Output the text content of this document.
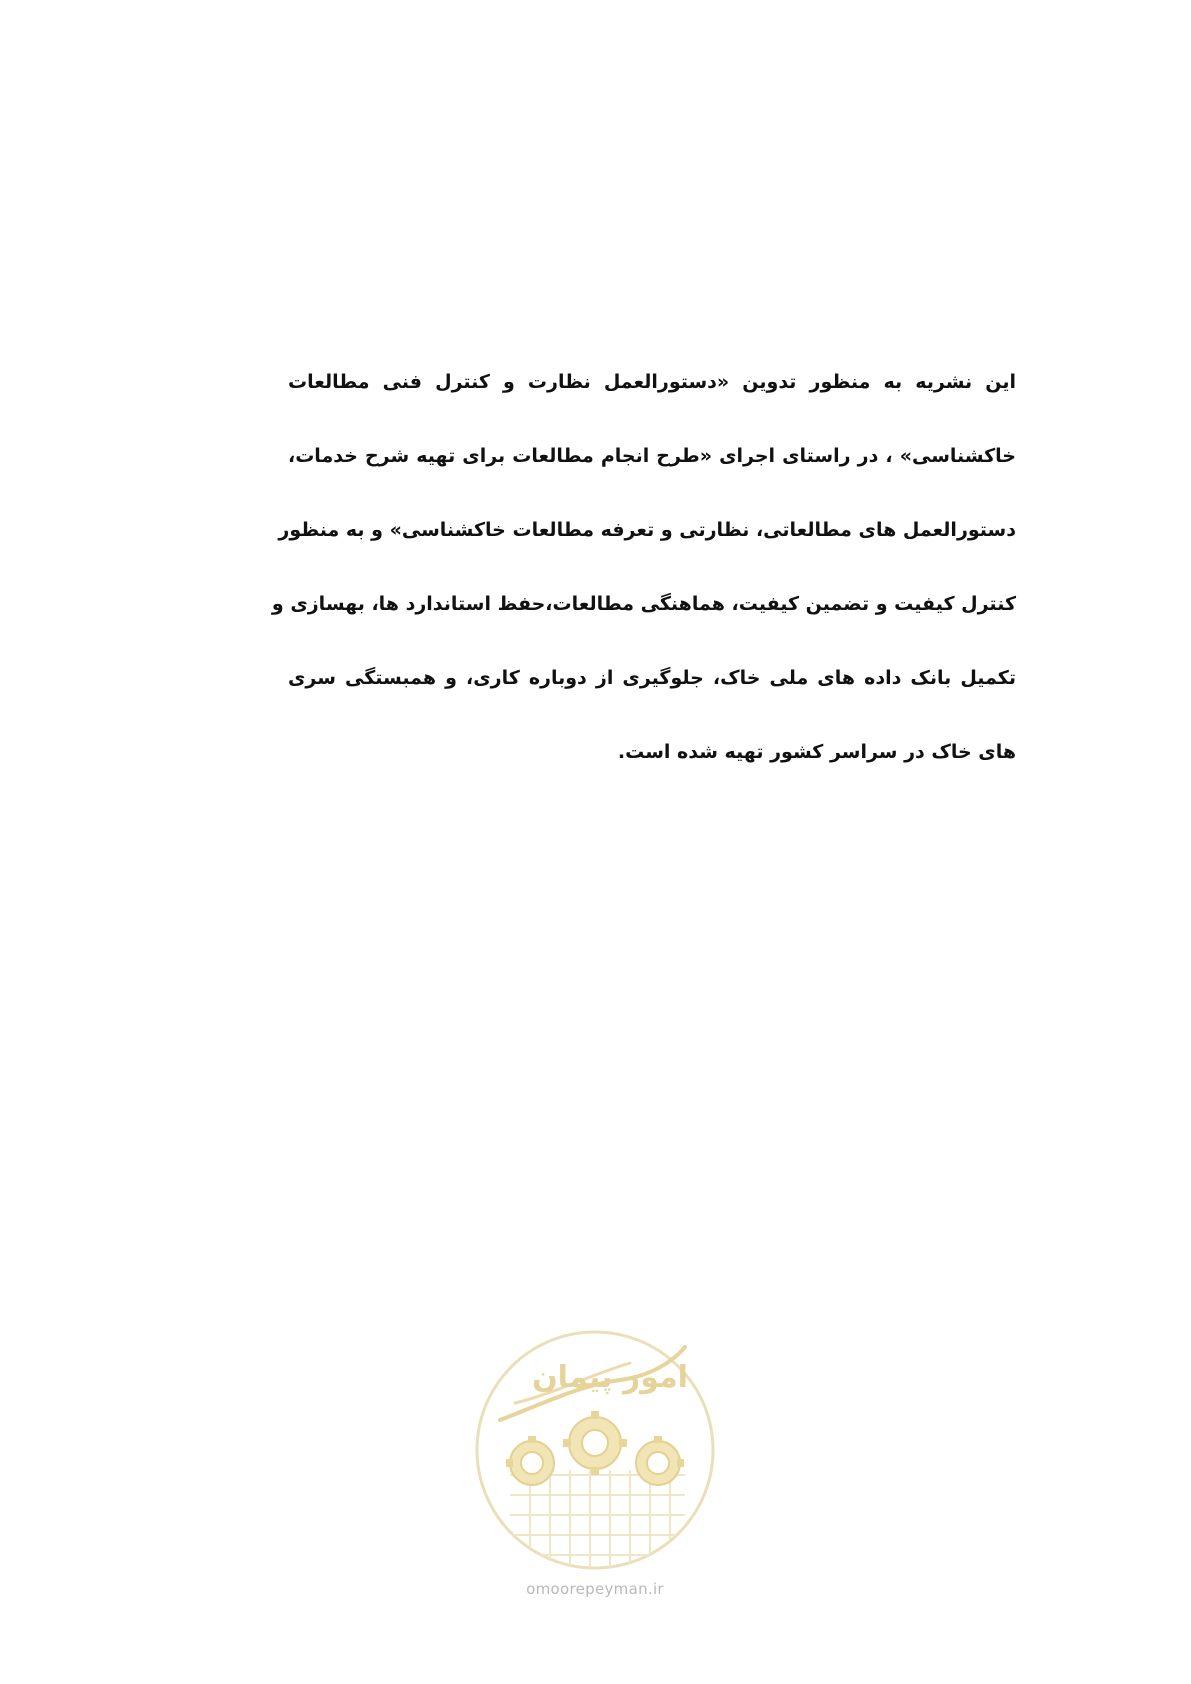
این نشریه به منظور تدوین «دستورالعمل نظارت و کنترل فنی مطالعات
خاکشناسی» ، در راستای اجرای «طرح انجام مطالعات برای تهیه شرح خدمات،
دستورالعمل های مطالعاتی، نظارتی و تعرفه مطالعات خاکشناسی» و به منظور
کنترل کیفیت و تضمین کیفیت، هماهنگی مطالعات،حفظ استاندارد ها، بهسازی و
تکمیل بانک داده های ملی خاک، جلوگیری از دوباره کاری، و همبستگی سری
های خاک در سراسر کشور تهیه شده است.
امور پیمان
omoorepeyman.ir
